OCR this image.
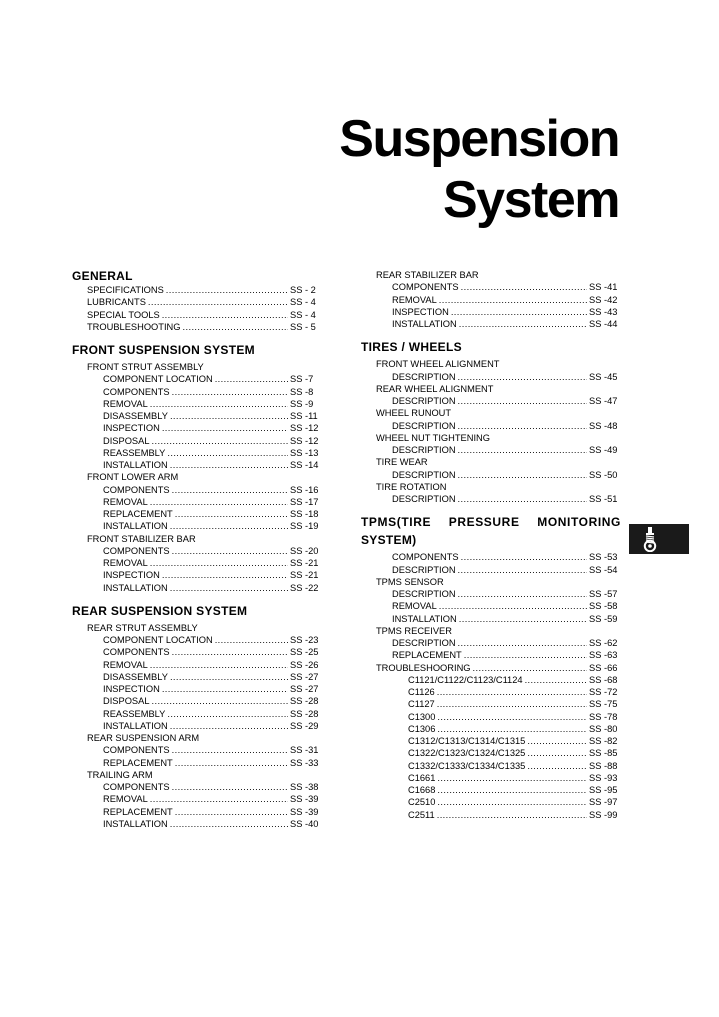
Suspension
System
GENERAL
SPECIFICATIONS .....	SS - 2
LUBRICANTS .....	SS - 4
SPECIAL TOOLS .....	SS - 4
TROUBLESHOOTING .....	SS - 5
FRONT SUSPENSION SYSTEM
FRONT STRUT ASSEMBLY
COMPONENT LOCATION .....	SS -7
COMPONENTS .....	SS -8
REMOVAL .....	SS -9
DISASSEMBLY .....	SS -11
INSPECTION .....	SS -12
DISPOSAL .....	SS -12
REASSEMBLY .....	SS -13
INSTALLATION .....	SS -14
FRONT LOWER ARM
COMPONENTS .....	SS -16
REMOVAL .....	SS -17
REPLACEMENT .....	SS -18
INSTALLATION .....	SS -19
FRONT STABILIZER BAR
COMPONENTS .....	SS -20
REMOVAL .....	SS -21
INSPECTION .....	SS -21
INSTALLATION .....	SS -22
REAR SUSPENSION SYSTEM
REAR STRUT ASSEMBLY
COMPONENT LOCATION .....	SS -23
COMPONENTS .....	SS -25
REMOVAL .....	SS -26
DISASSEMBLY .....	SS -27
INSPECTION .....	SS -27
DISPOSAL .....	SS -28
REASSEMBLY .....	SS -28
INSTALLATION .....	SS -29
REAR SUSPENSION ARM
COMPONENTS .....	SS -31
REPLACEMENT .....	SS -33
TRAILING ARM
COMPONENTS .....	SS -38
REMOVAL .....	SS -39
REPLACEMENT .....	SS -39
INSTALLATION .....	SS -40
REAR STABILIZER BAR
COMPONENTS .....	SS -41
REMOVAL .....	SS -42
INSPECTION .....	SS -43
INSTALLATION .....	SS -44
TIRES / WHEELS
FRONT WHEEL ALIGNMENT
DESCRIPTION .....	SS -45
REAR WHEEL ALIGNMENT
DESCRIPTION .....	SS -47
WHEEL RUNOUT
DESCRIPTION .....	SS -48
WHEEL NUT TIGHTENING
DESCRIPTION .....	SS -49
TIRE WEAR
DESCRIPTION .....	SS -50
TIRE ROTATION
DESCRIPTION .....	SS -51
TPMS(TIRE PRESSURE MONITORING
SYSTEM)
COMPONENTS .....	SS -53
DESCRIPTION .....	SS -54
TPMS SENSOR
DESCRIPTION .....	SS -57
REMOVAL .....	SS -58
INSTALLATION .....	SS -59
TPMS RECEIVER
DESCRIPTION .....	SS -62
REPLACEMENT .....	SS -63
TROUBLESHOORING .....	SS -66
C1121/C1122/C1123/C1124 .....	SS -68
C1126 .....	SS -72
C1127 .....	SS -75
C1300 .....	SS -78
C1306 .....	SS -80
C1312/C1313/C1314/C1315 .....	SS -82
C1322/C1323/C1324/C1325 .....	SS -85
C1332/C1333/C1334/C1335 .....	SS -88
C1661 .....	SS -93
C1668 .....	SS -95
C2510 .....	SS -97
C2511 .....	SS -99
